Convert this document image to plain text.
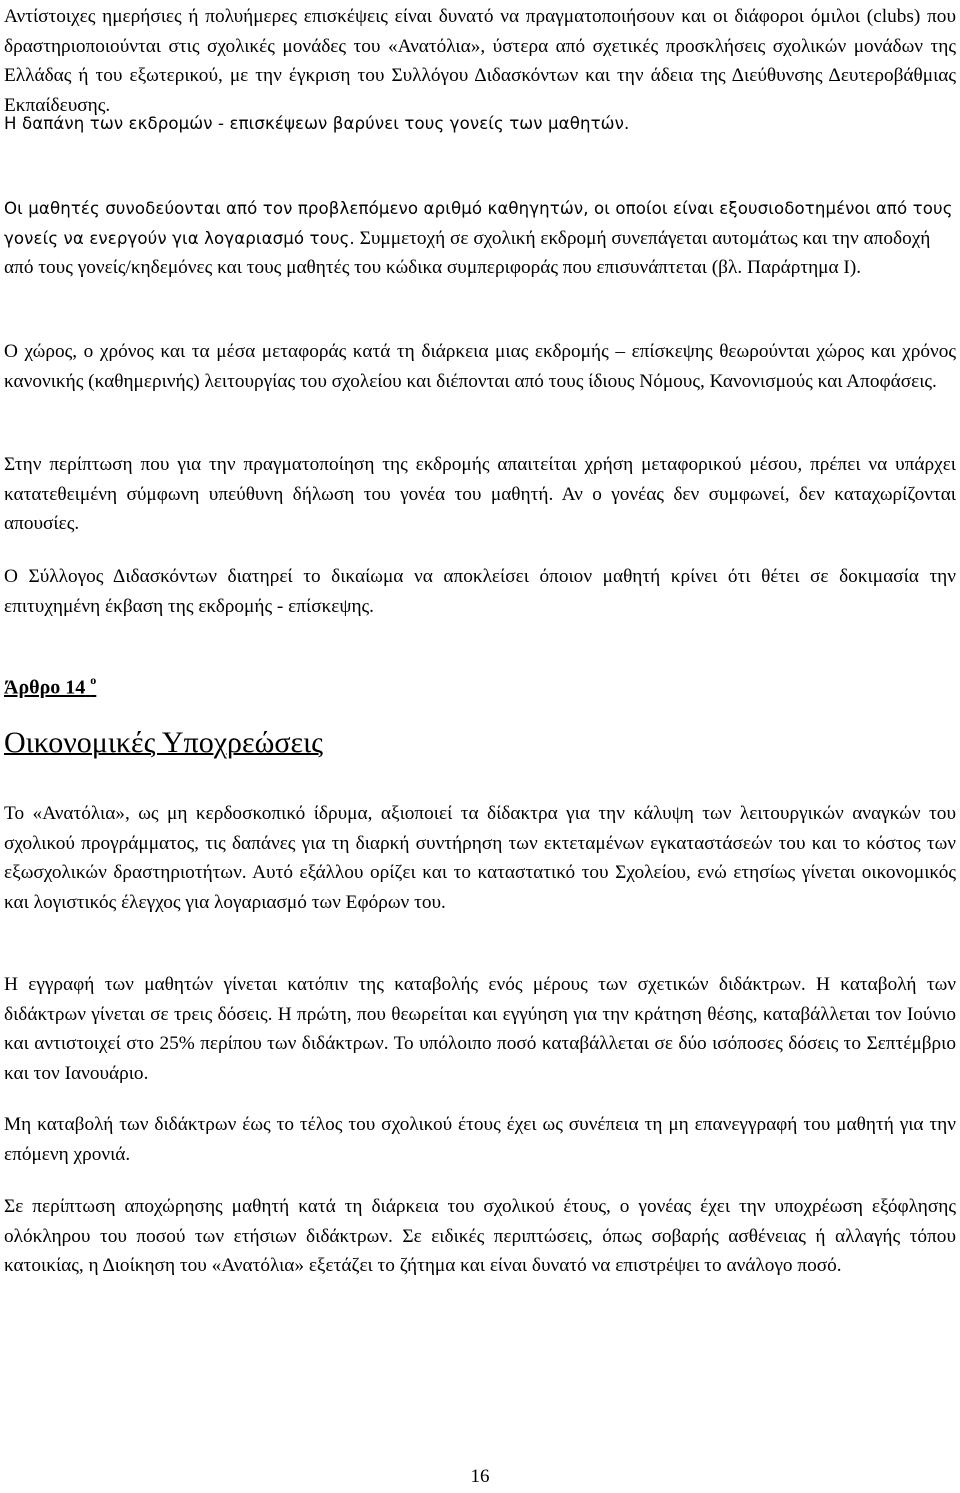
Αντίστοιχες ημερήσιες ή πολυήμερες επισκέψεις είναι δυνατό να πραγματοποιήσουν και οι διάφοροι όμιλοι (clubs) που δραστηριοποιούνται στις σχολικές μονάδες του «Ανατόλια», ύστερα από σχετικές προσκλήσεις σχολικών μονάδων της Ελλάδας ή του εξωτερικού, με την έγκριση του Συλλόγου Διδασκόντων και την άδεια της Διεύθυνσης Δευτεροβάθμιας Εκπαίδευσης.

Η δαπάνη των εκδρομών - επισκέψεων βαρύνει τους γονείς των μαθητών.

Οι μαθητές συνοδεύονται από τον προβλεπόμενο αριθμό καθηγητών, οι οποίοι είναι εξουσιοδοτημένοι από τους γονείς να ενεργούν για λογαριασμό τους. Συμμετοχή σε σχολική εκδρομή συνεπάγεται αυτομάτως και την αποδοχή από τους γονείς/κηδεμόνες και τους μαθητές του κώδικα συμπεριφοράς που επισυνάπτεται (βλ. Παράρτημα Ι).

Ο χώρος, ο χρόνος και τα μέσα μεταφοράς κατά τη διάρκεια μιας εκδρομής – επίσκεψης θεωρούνται χώρος και χρόνος κανονικής (καθημερινής) λειτουργίας του σχολείου και διέπονται από τους ίδιους Νόμους, Κανονισμούς και Αποφάσεις.

Στην περίπτωση που για την πραγματοποίηση της εκδρομής απαιτείται χρήση μεταφορικού μέσου, πρέπει να υπάρχει κατατεθειμένη σύμφωνη υπεύθυνη δήλωση του γονέα του μαθητή. Αν ο γονέας δεν συμφωνεί, δεν καταχωρίζονται απουσίες.

Ο Σύλλογος Διδασκόντων διατηρεί το δικαίωμα να αποκλείσει όποιον μαθητή κρίνει ότι θέτει σε δοκιμασία την επιτυχημένη έκβαση της εκδρομής - επίσκεψης.

Άρθρο 14 $^o$
Οικονομικές Υποχρεώσεις

Το «Ανατόλια», ως μη κερδοσκοπικό ίδρυμα, αξιοποιεί τα δίδακτρα για την κάλυψη των λειτουργικών αναγκών του σχολικού προγράμματος, τις δαπάνες για τη διαρκή συντήρηση των εκτεταμένων εγκαταστάσεών του και το κόστος των εξωσχολικών δραστηριοτήτων. Αυτό εξάλλου ορίζει και το καταστατικό του Σχολείου, ενώ ετησίως γίνεται οικονομικός και λογιστικός έλεγχος για λογαριασμό των Εφόρων του.

Η εγγραφή των μαθητών γίνεται κατόπιν της καταβολής ενός μέρους των σχετικών διδάκτρων. Η καταβολή των διδάκτρων γίνεται σε τρεις δόσεις. Η πρώτη, που θεωρείται και εγγύηση για την κράτηση θέσης, καταβάλλεται τον Ιούνιο και αντιστοιχεί στο 25% περίπου των διδάκτρων. Το υπόλοιπο ποσό καταβάλλεται σε δύο ισόποσες δόσεις το Σεπτέμβριο και τον Ιανουάριο.

Μη καταβολή των διδάκτρων έως το τέλος του σχολικού έτους έχει ως συνέπεια τη μη επανεγγραφή του μαθητή για την επόμενη χρονιά.

Σε περίπτωση αποχώρησης μαθητή κατά τη διάρκεια του σχολικού έτους, ο γονέας έχει την υποχρέωση εξόφλησης ολόκληρου του ποσού των ετήσιων διδάκτρων. Σε ειδικές περιπτώσεις, όπως σοβαρής ασθένειας ή αλλαγής τόπου κατοικίας, η Διοίκηση του «Ανατόλια» εξετάζει το ζήτημα και είναι δυνατό να επιστρέψει το ανάλογο ποσό.

16
